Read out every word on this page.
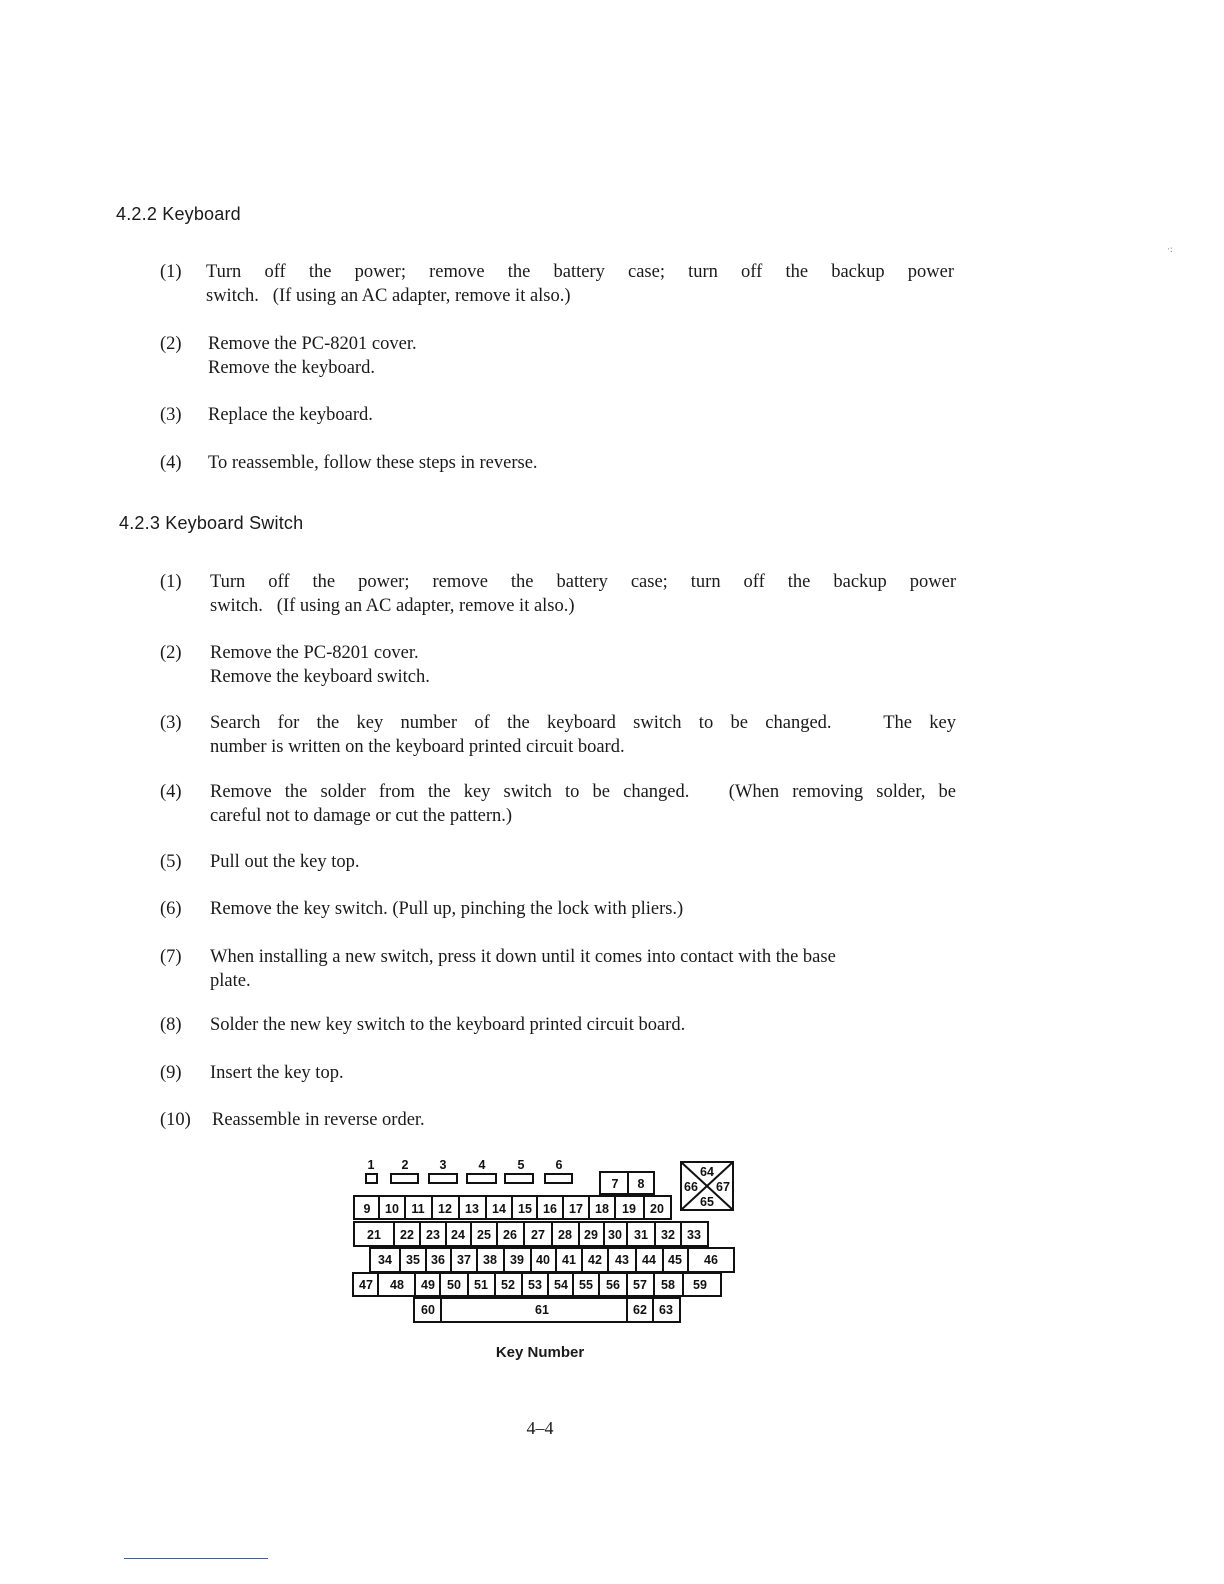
4.2.2 Keyboard
(1) Turn off the power; remove the battery case; turn off the backup power
switch.   (If using an AC adapter, remove it also.)
(2) Remove the PC-8201 cover.
Remove the keyboard.
(3) Replace the keyboard.
(4) To reassemble, follow these steps in reverse.
4.2.3 Keyboard Switch
(1) Turn off the power; remove the battery case; turn off the backup power
switch.   (If using an AC adapter, remove it also.)
(2) Remove the PC-8201 cover.
Remove the keyboard switch.
(3) Search for the key number of the keyboard switch to be changed.   The key
number is written on the keyboard printed circuit board.
(4) Remove the solder from the key switch to be changed.   (When removing solder, be
careful not to damage or cut the pattern.)
(5) Pull out the key top.
(6) Remove the key switch. (Pull up, pinching the lock with pliers.)
(7) When installing a new switch, press it down until it comes into contact with the base
plate.
(8) Solder the new key switch to the keyboard printed circuit board.
(9) Insert the key top.
(10) Reassemble in reverse order.
1 2 3	4	5 6
7 8
64
66 67
65
9 10 11 12 13 14 15 16 17 18 19 20
21 22 23 24 25 26 27 28 29 30 31 32 33
34 35 36 37 38 39 40 41 42 43 44 45 46
47 48 49 50 51 52 53 54 55 56 57 58 59
60	61	62 63
Key Number
4–4
·:
